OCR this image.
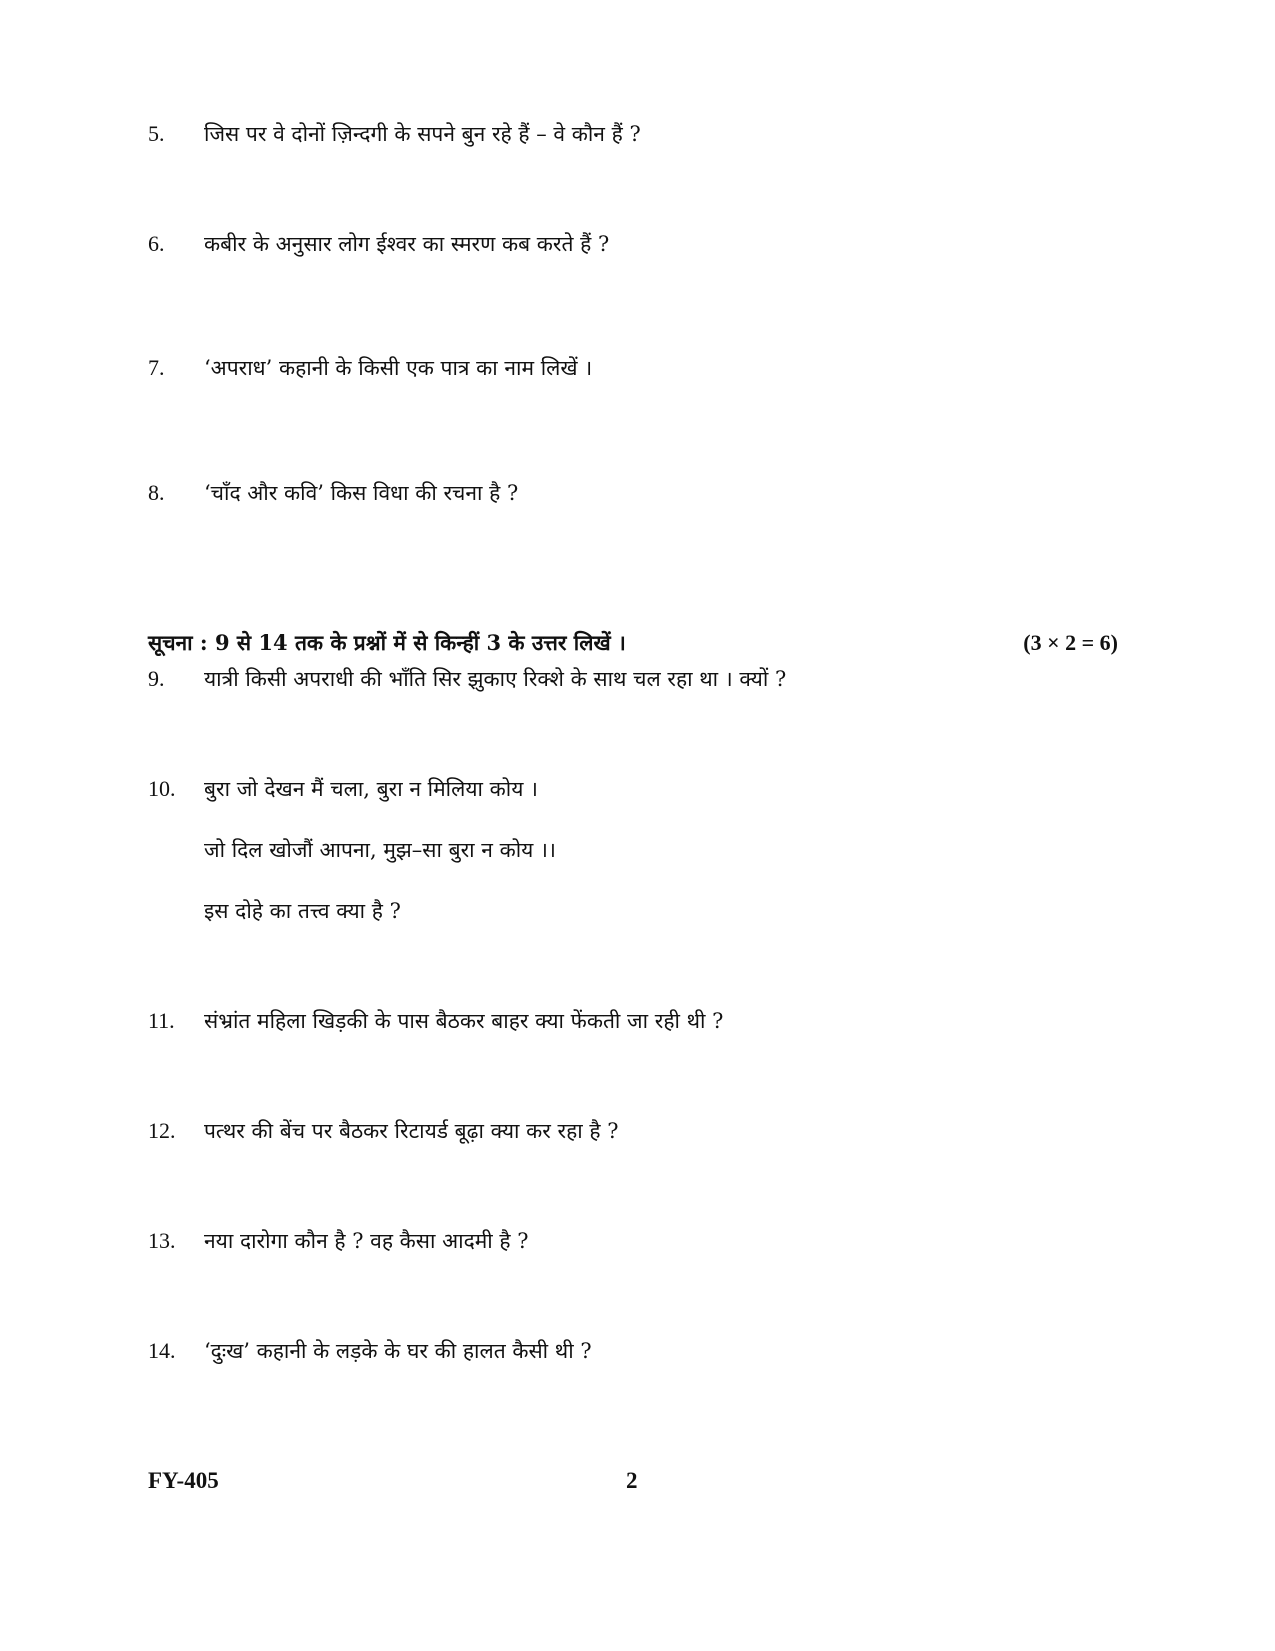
5. जिस पर वे दोनों ज़िन्दगी के सपने बुन रहे हैं – वे कौन हैं ?
6. कबीर के अनुसार लोग ईश्वर का स्मरण कब करते हैं ?
7. ‘अपराध’ कहानी के किसी एक पात्र का नाम लिखें ।
8. ‘चाँद और कवि’ किस विधा की रचना है ?
सूचना : 9 से 14 तक के प्रश्नों में से किन्हीं 3 के उत्तर लिखें ।	(3 × 2 = 6)
9. यात्री किसी अपराधी की भाँति सिर झुकाए रिक्शे के साथ चल रहा था । क्यों ?
10. बुरा जो देखन मैं चला, बुरा न मिलिया कोय ।
जो दिल खोजौं आपना, मुझ–सा बुरा न कोय ।।
इस दोहे का तत्त्व क्या है ?
11. संभ्रांत महिला खिड़की के पास बैठकर बाहर क्या फेंकती जा रही थी ?
12. पत्थर की बेंच पर बैठकर रिटायर्ड बूढ़ा क्या कर रहा है ?
13. नया दारोगा कौन है ? वह कैसा आदमी है ?
14. ‘दुःख’ कहानी के लड़के के घर की हालत कैसी थी ?
FY-405	2
